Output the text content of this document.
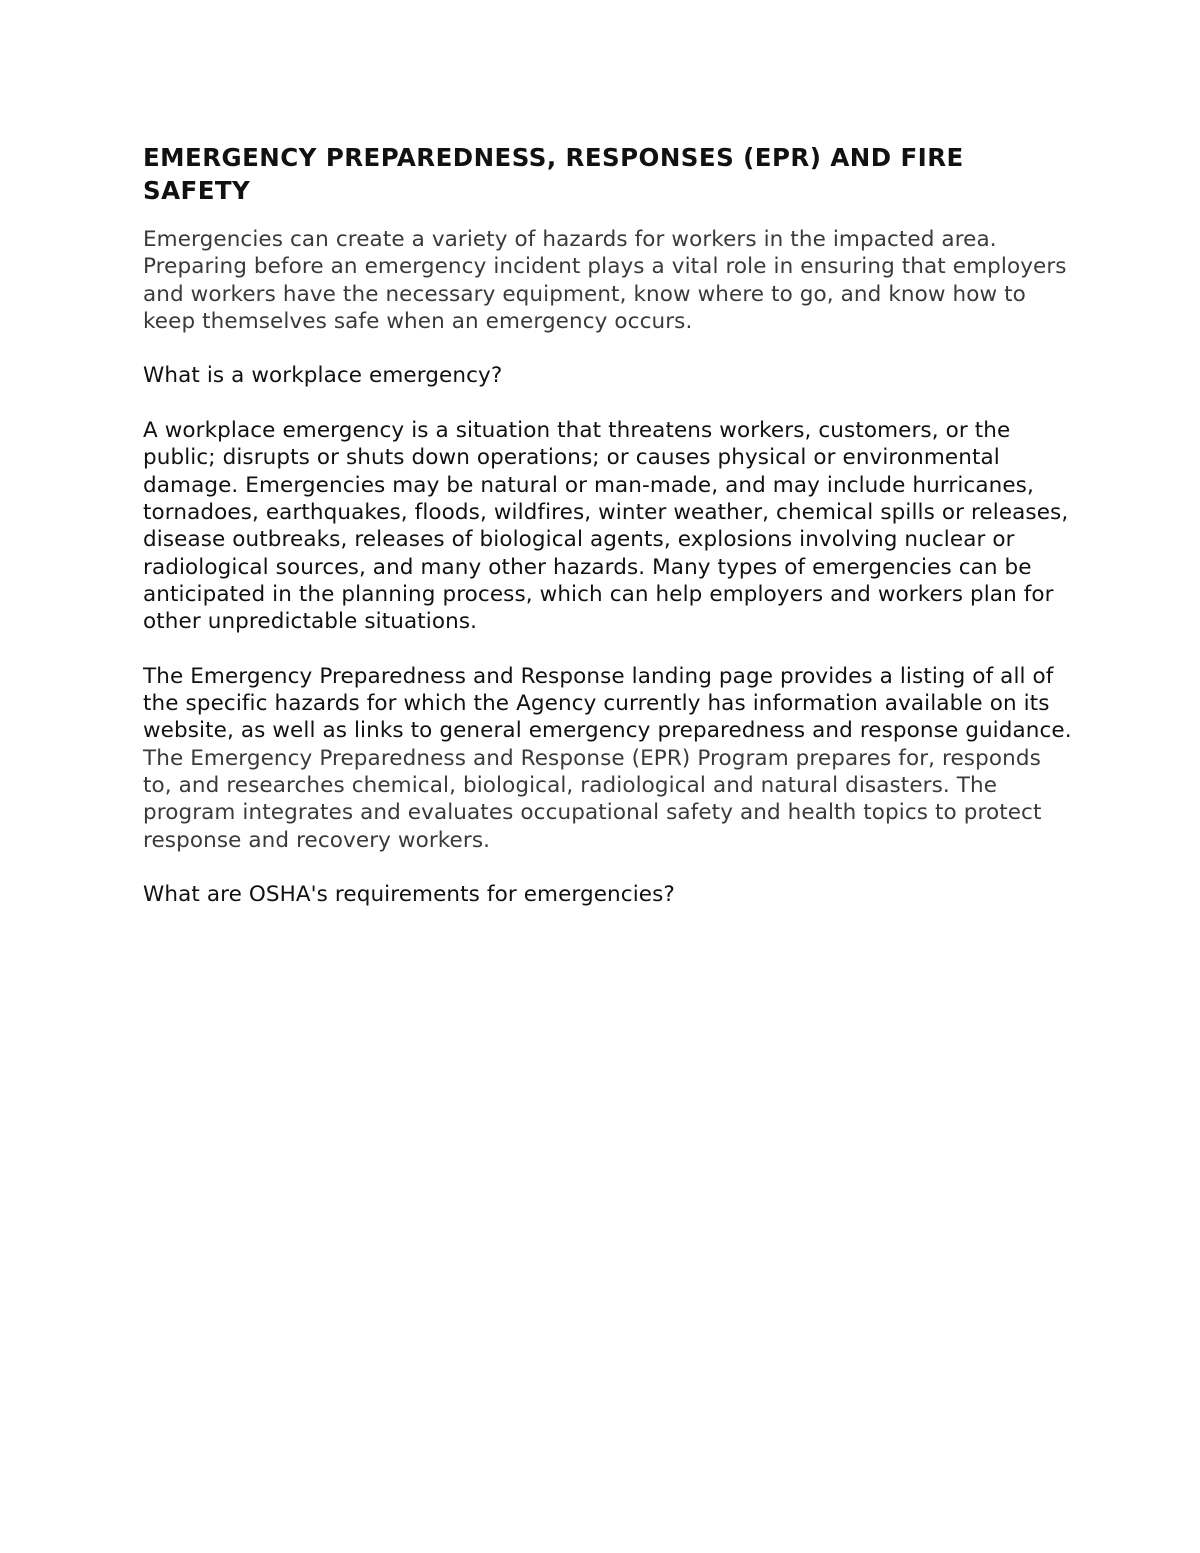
EMERGENCY PREPAREDNESS, RESPONSES (EPR) AND FIRE SAFETY

Emergencies can create a variety of hazards for workers in the impacted area. Preparing before an emergency incident plays a vital role in ensuring that employers and workers have the necessary equipment, know where to go, and know how to keep themselves safe when an emergency occurs.

What is a workplace emergency?

A workplace emergency is a situation that threatens workers, customers, or the public; disrupts or shuts down operations; or causes physical or environmental damage. Emergencies may be natural or man-made, and may include hurricanes, tornadoes, earthquakes, floods, wildfires, winter weather, chemical spills or releases, disease outbreaks, releases of biological agents, explosions involving nuclear or radiological sources, and many other hazards. Many types of emergencies can be anticipated in the planning process, which can help employers and workers plan for other unpredictable situations.

The Emergency Preparedness and Response landing page provides a listing of all of the specific hazards for which the Agency currently has information available on its website, as well as links to general emergency preparedness and response guidance.

The Emergency Preparedness and Response (EPR) Program prepares for, responds to, and researches chemical, biological, radiological and natural disasters. The program integrates and evaluates occupational safety and health topics to protect response and recovery workers.

What are OSHA's requirements for emergencies?
